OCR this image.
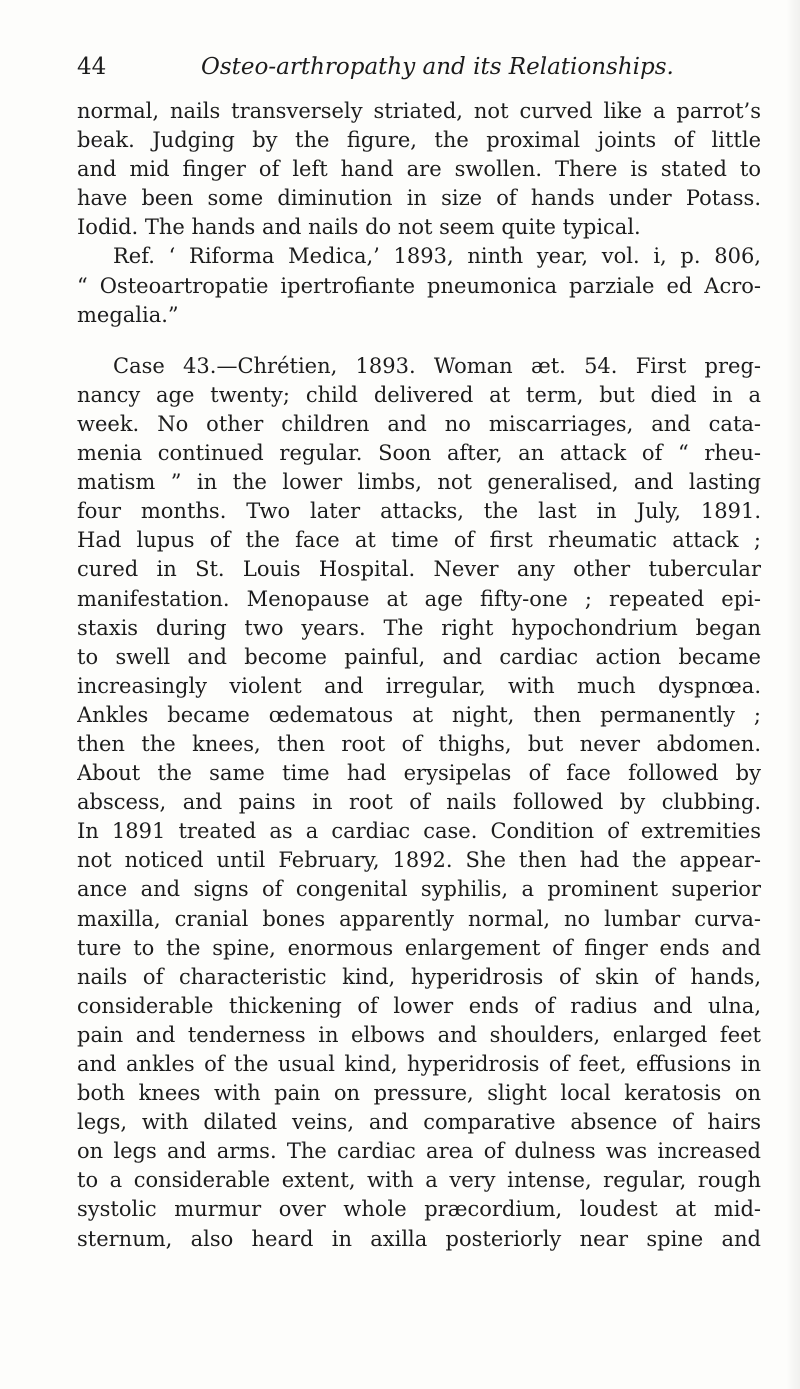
44	Osteo-arthropathy and its Relationships.
normal, nails transversely striated, not curved like a parrot’s
beak. Judging by the figure, the proximal joints of little
and mid finger of left hand are swollen. There is stated to
have been some diminution in size of hands under Potass.
Iodid. The hands and nails do not seem quite typical.
Ref. ‘ Riforma Medica,’ 1893, ninth year, vol. i, p. 806,
“ Osteoartropatie ipertrofiante pneumonica parziale ed Acro-
megalia.”
Case 43.—Chrétien, 1893. Woman æt. 54. First preg-
nancy age twenty; child delivered at term, but died in a
week. No other children and no miscarriages, and cata-
menia continued regular. Soon after, an attack of “ rheu-
matism ” in the lower limbs, not generalised, and lasting
four months. Two later attacks, the last in July, 1891.
Had lupus of the face at time of first rheumatic attack ;
cured in St. Louis Hospital. Never any other tubercular
manifestation. Menopause at age fifty-one ; repeated epi-
staxis during two years. The right hypochondrium began
to swell and become painful, and cardiac action became
increasingly violent and irregular, with much dyspnœa.
Ankles became œdematous at night, then permanently ;
then the knees, then root of thighs, but never abdomen.
About the same time had erysipelas of face followed by
abscess, and pains in root of nails followed by clubbing.
In 1891 treated as a cardiac case. Condition of extremities
not noticed until February, 1892. She then had the appear-
ance and signs of congenital syphilis, a prominent superior
maxilla, cranial bones apparently normal, no lumbar curva-
ture to the spine, enormous enlargement of finger ends and
nails of characteristic kind, hyperidrosis of skin of hands,
considerable thickening of lower ends of radius and ulna,
pain and tenderness in elbows and shoulders, enlarged feet
and ankles of the usual kind, hyperidrosis of feet, effusions in
both knees with pain on pressure, slight local keratosis on
legs, with dilated veins, and comparative absence of hairs
on legs and arms. The cardiac area of dulness was increased
to a considerable extent, with a very intense, regular, rough
systolic murmur over whole præcordium, loudest at mid-
sternum, also heard in axilla posteriorly near spine and
